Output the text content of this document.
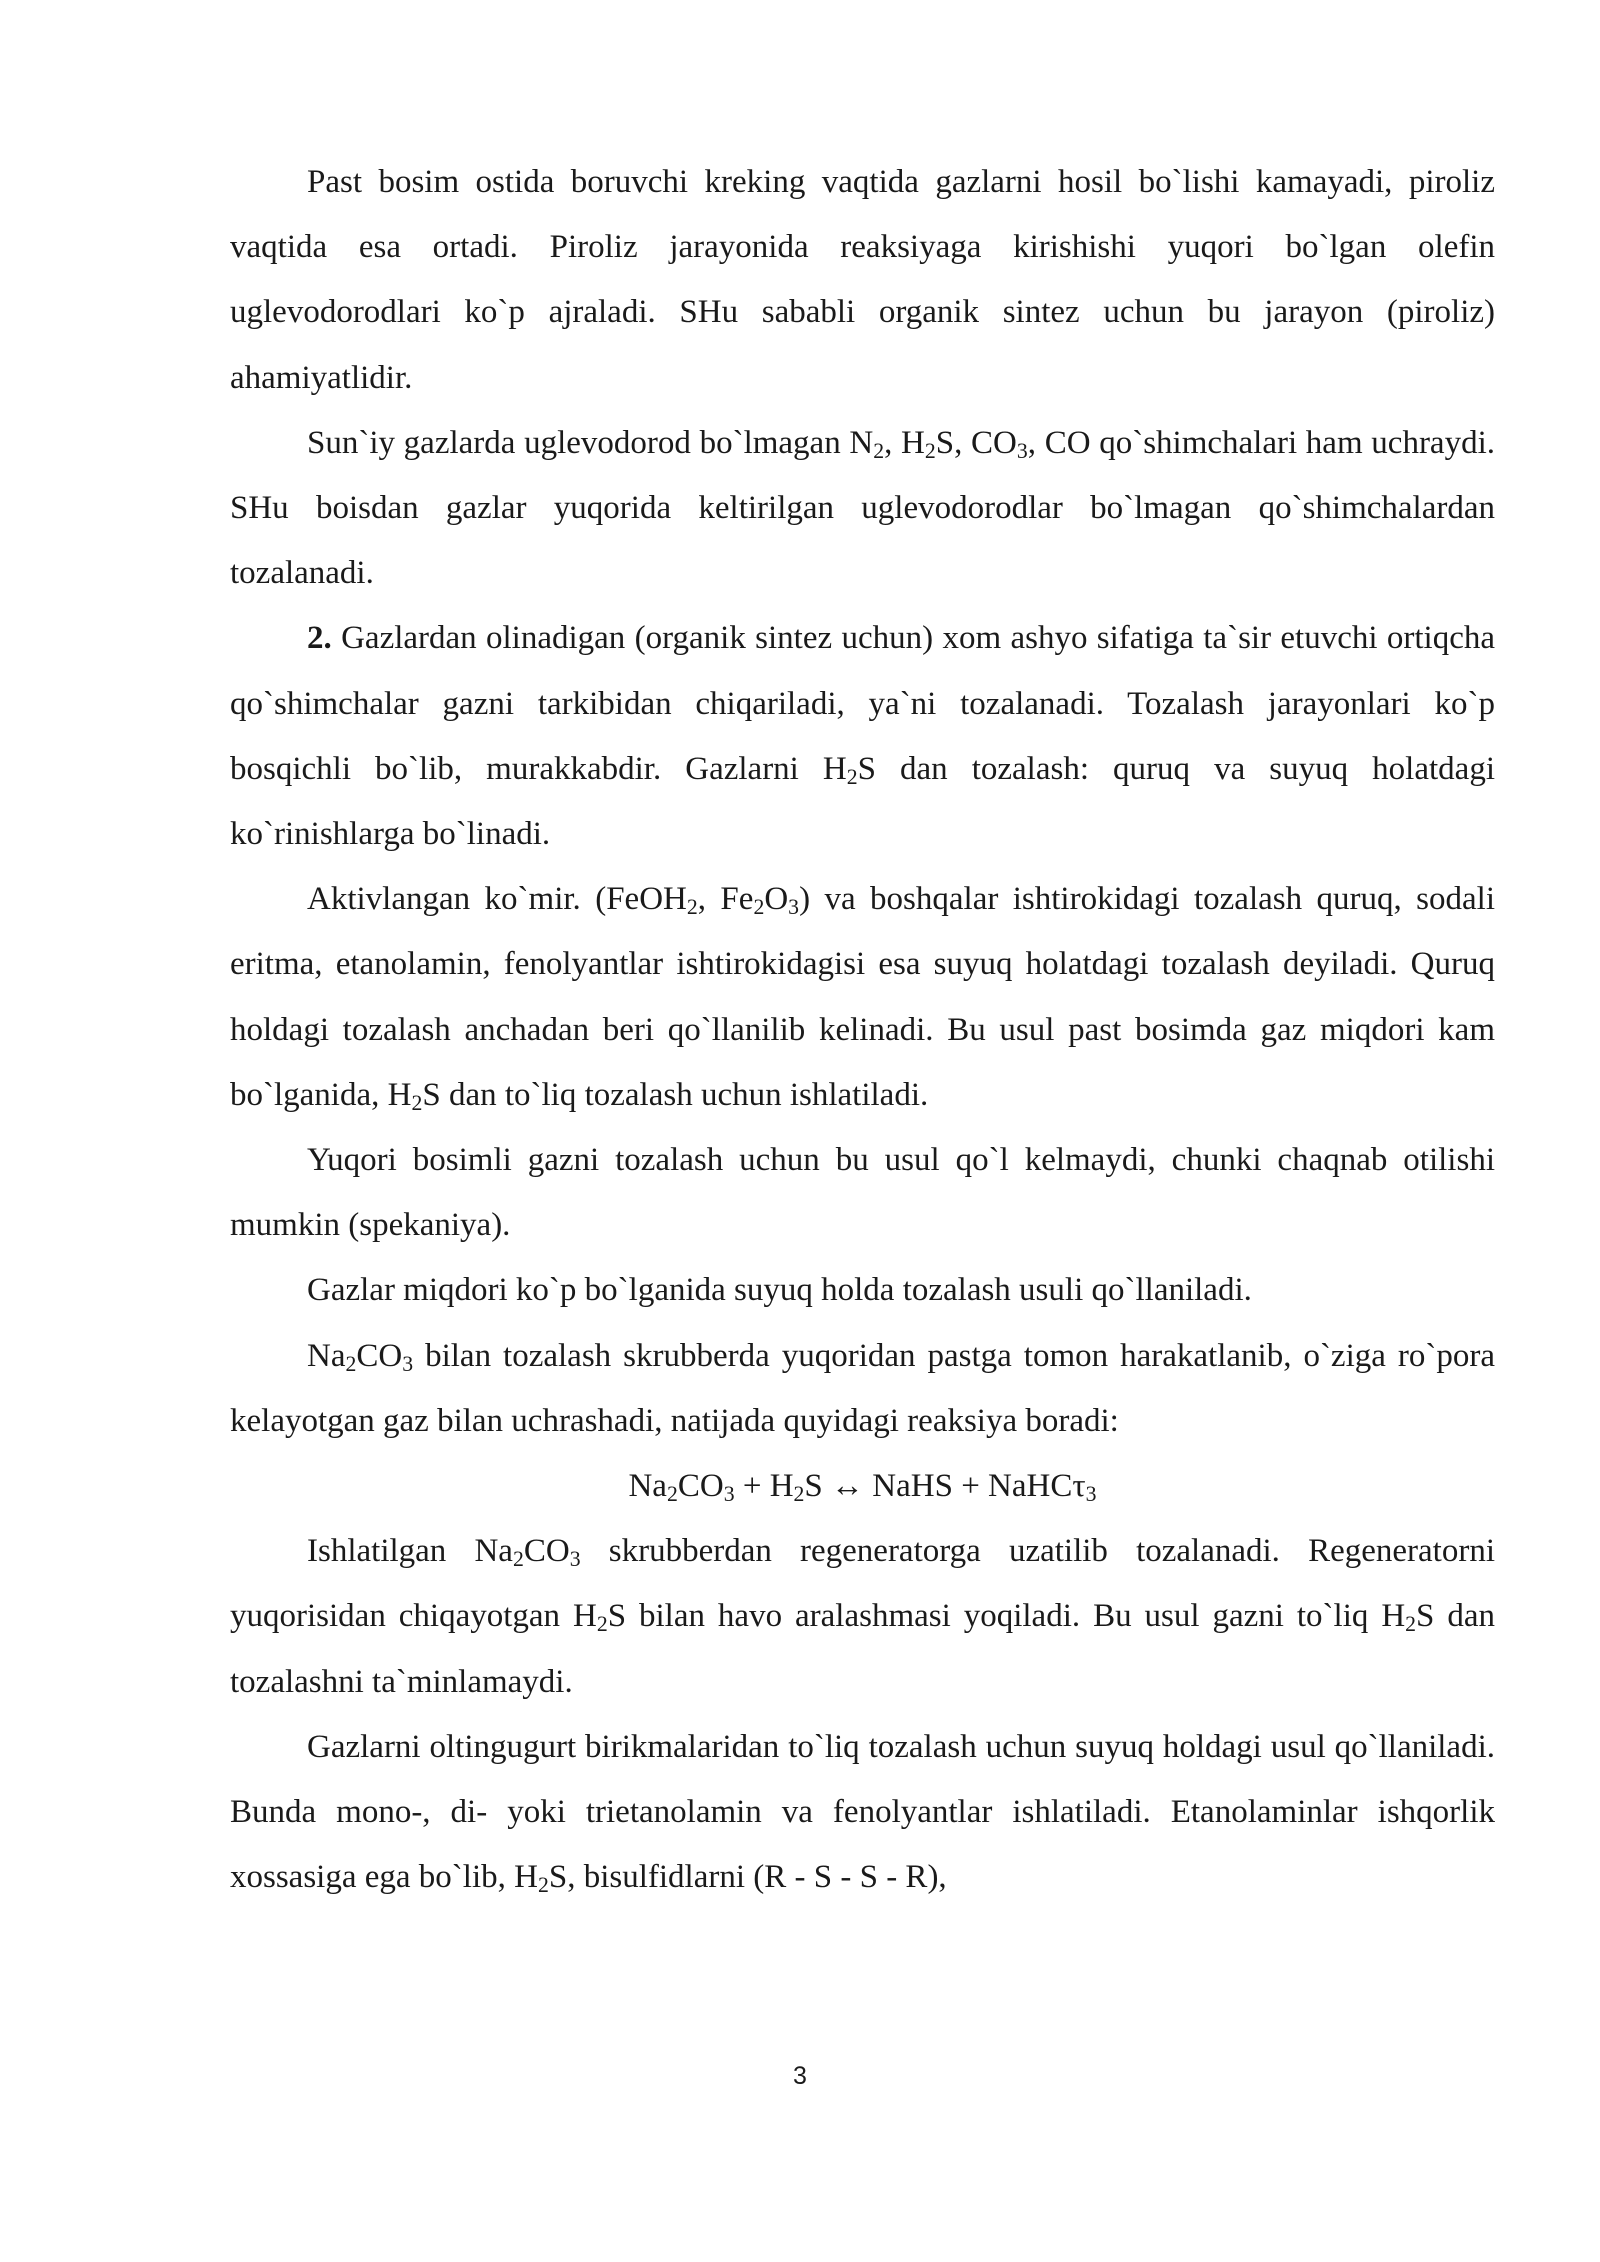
Past bosim ostida boruvchi kreking vaqtida gazlarni hosil bo`lishi kamayadi, piroliz vaqtida esa ortadi. Piroliz jarayonida reaksiyaga kirishishi yuqori bo`lgan olefin uglevodorodlari ko`p ajraladi. SHu sababli organik sintez uchun bu jarayon (piroliz) ahamiyatlidir.

Sun`iy gazlarda uglevodorod bo`lmagan $N_2$, $H_2S$, $CO_3$, CO qo`shimchalari ham uchraydi. SHu boisdan gazlar yuqorida keltirilgan uglevodorodlar bo`lmagan qo`shimchalardan tozalanadi.

2. Gazlardan olinadigan (organik sintez uchun) xom ashyo sifatiga ta`sir etuvchi ortiqcha qo`shimchalar gazni tarkibidan chiqariladi, ya`ni tozalanadi. Tozalash jarayonlari ko`p bosqichli bo`lib, murakkabdir. Gazlarni $H_2S$ dan tozalash: quruq va suyuq holatdagi ko`rinishlarga bo`linadi.

Aktivlangan ko`mir. (FeOH$_2$, $Fe_2O_3$) va boshqalar ishtirokidagi tozalash quruq, sodali eritma, etanolamin, fenolyantlar ishtirokidagisi esa suyuq holatdagi tozalash deyiladi. Quruq holdagi tozalash anchadan beri qo`llanilib kelinadi. Bu usul past bosimda gaz miqdori kam bo`lganida, $H_2S$ dan to`liq tozalash uchun ishlatiladi.

Yuqori bosimli gazni tozalash uchun bu usul qo`l kelmaydi, chunki chaqnab otilishi mumkin (spekaniya).

Gazlar miqdori ko`p bo`lganida suyuq holda tozalash usuli qo`llaniladi.

$Na_2CO_3$ bilan tozalash skrubberda yuqoridan pastga tomon harakatlanib, o`ziga ro`pora kelayotgan gaz bilan uchrashadi, natijada quyidagi reaksiya boradi:

$Na_2CO_3 + H_2S$ ↔ NaHS + NaHCτ$_3$

Ishlatilgan $Na_2CO_3$ skrubberdan regeneratorga uzatilib tozalanadi. Regeneratorni yuqorisidan chiqayotgan $H_2S$ bilan havo aralashmasi yoqiladi. Bu usul gazni to`liq $H_2S$ dan tozalashni ta`minlamaydi.

Gazlarni oltingugurt birikmalaridan to`liq tozalash uchun suyuq holdagi usul qo`llaniladi. Bunda mono-, di- yoki trietanolamin va fenolyantlar ishlatiladi. Etanolaminlar ishqorlik xossasiga ega bo`lib, $H_2S$, bisulfidlarni (R - S - S - R),

3
